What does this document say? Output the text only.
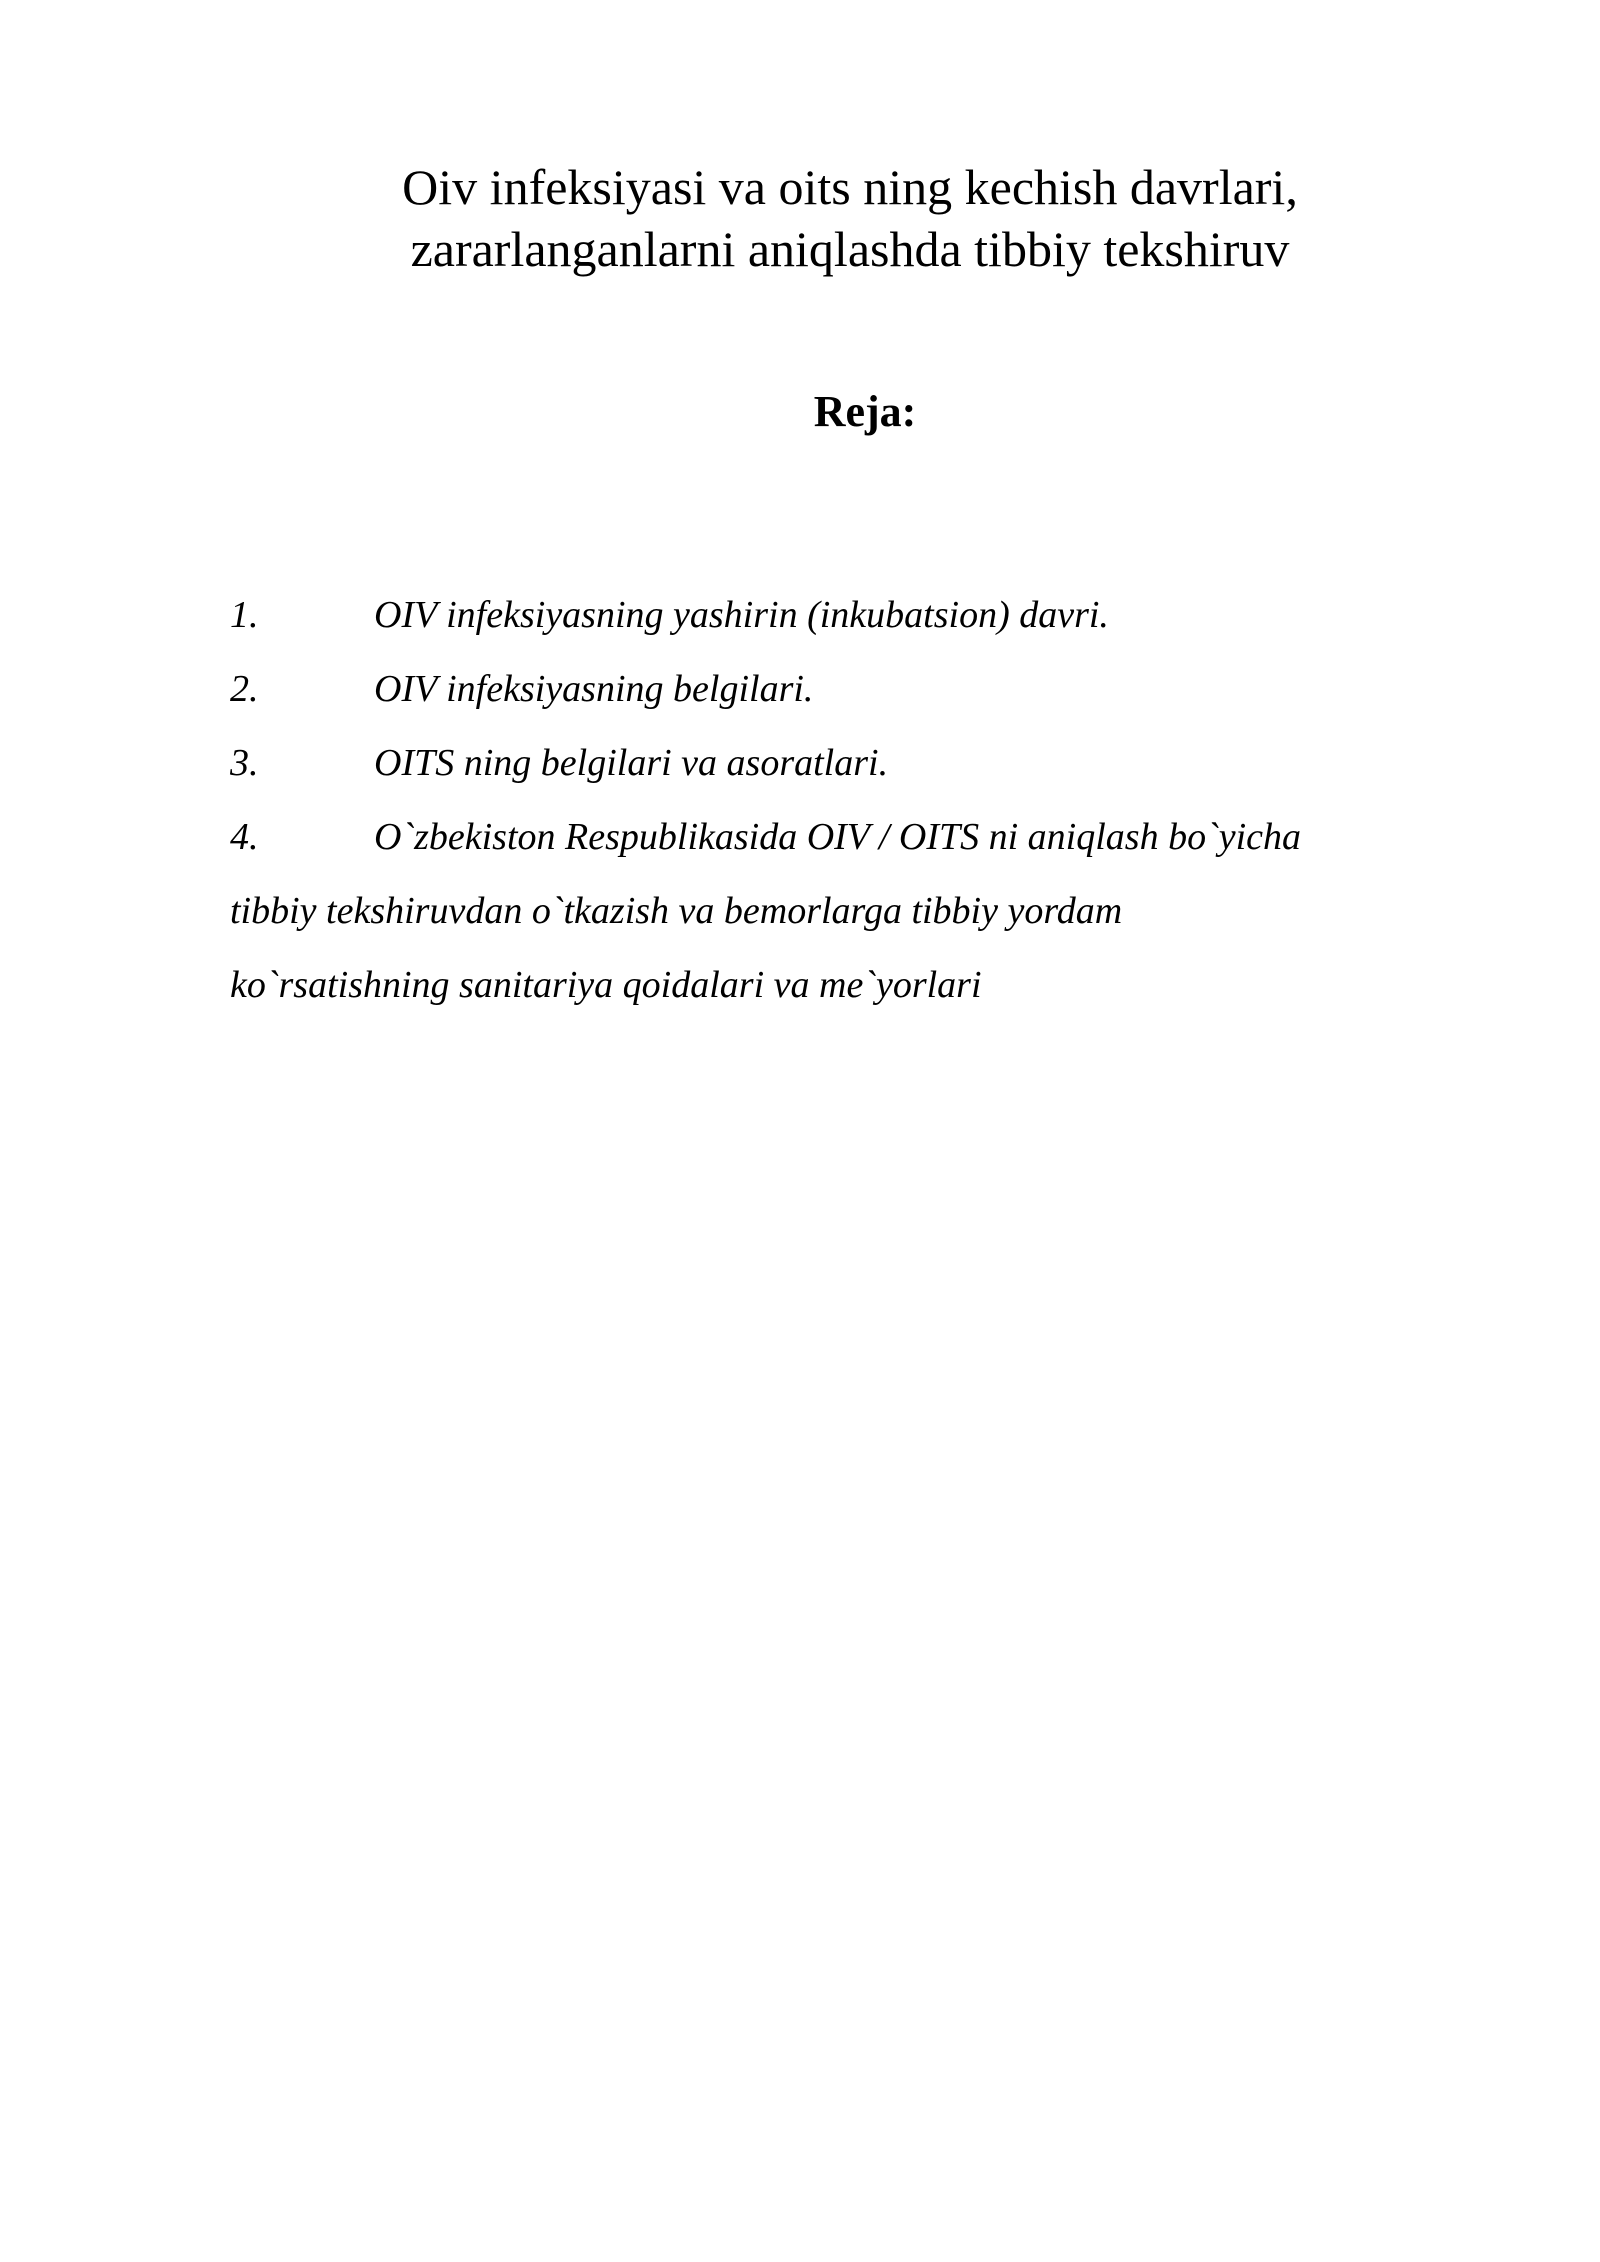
Oiv infeksiyasi va oits ning kechish davrlari,
zararlanganlarni aniqlashda tibbiy tekshiruv
Reja:
1.	OIV infeksiyasning yashirin (inkubatsion) davri.
2.	OIV infeksiyasning belgilari.
3.	OITS ning belgilari va asoratlari.
4.	O`zbekiston Respublikasida OIV / OITS ni aniqlash bo`yicha
tibbiy tekshiruvdan o`tkazish va bemorlarga tibbiy yordam
ko`rsatishning sanitariya qoidalari va me`yorlari
